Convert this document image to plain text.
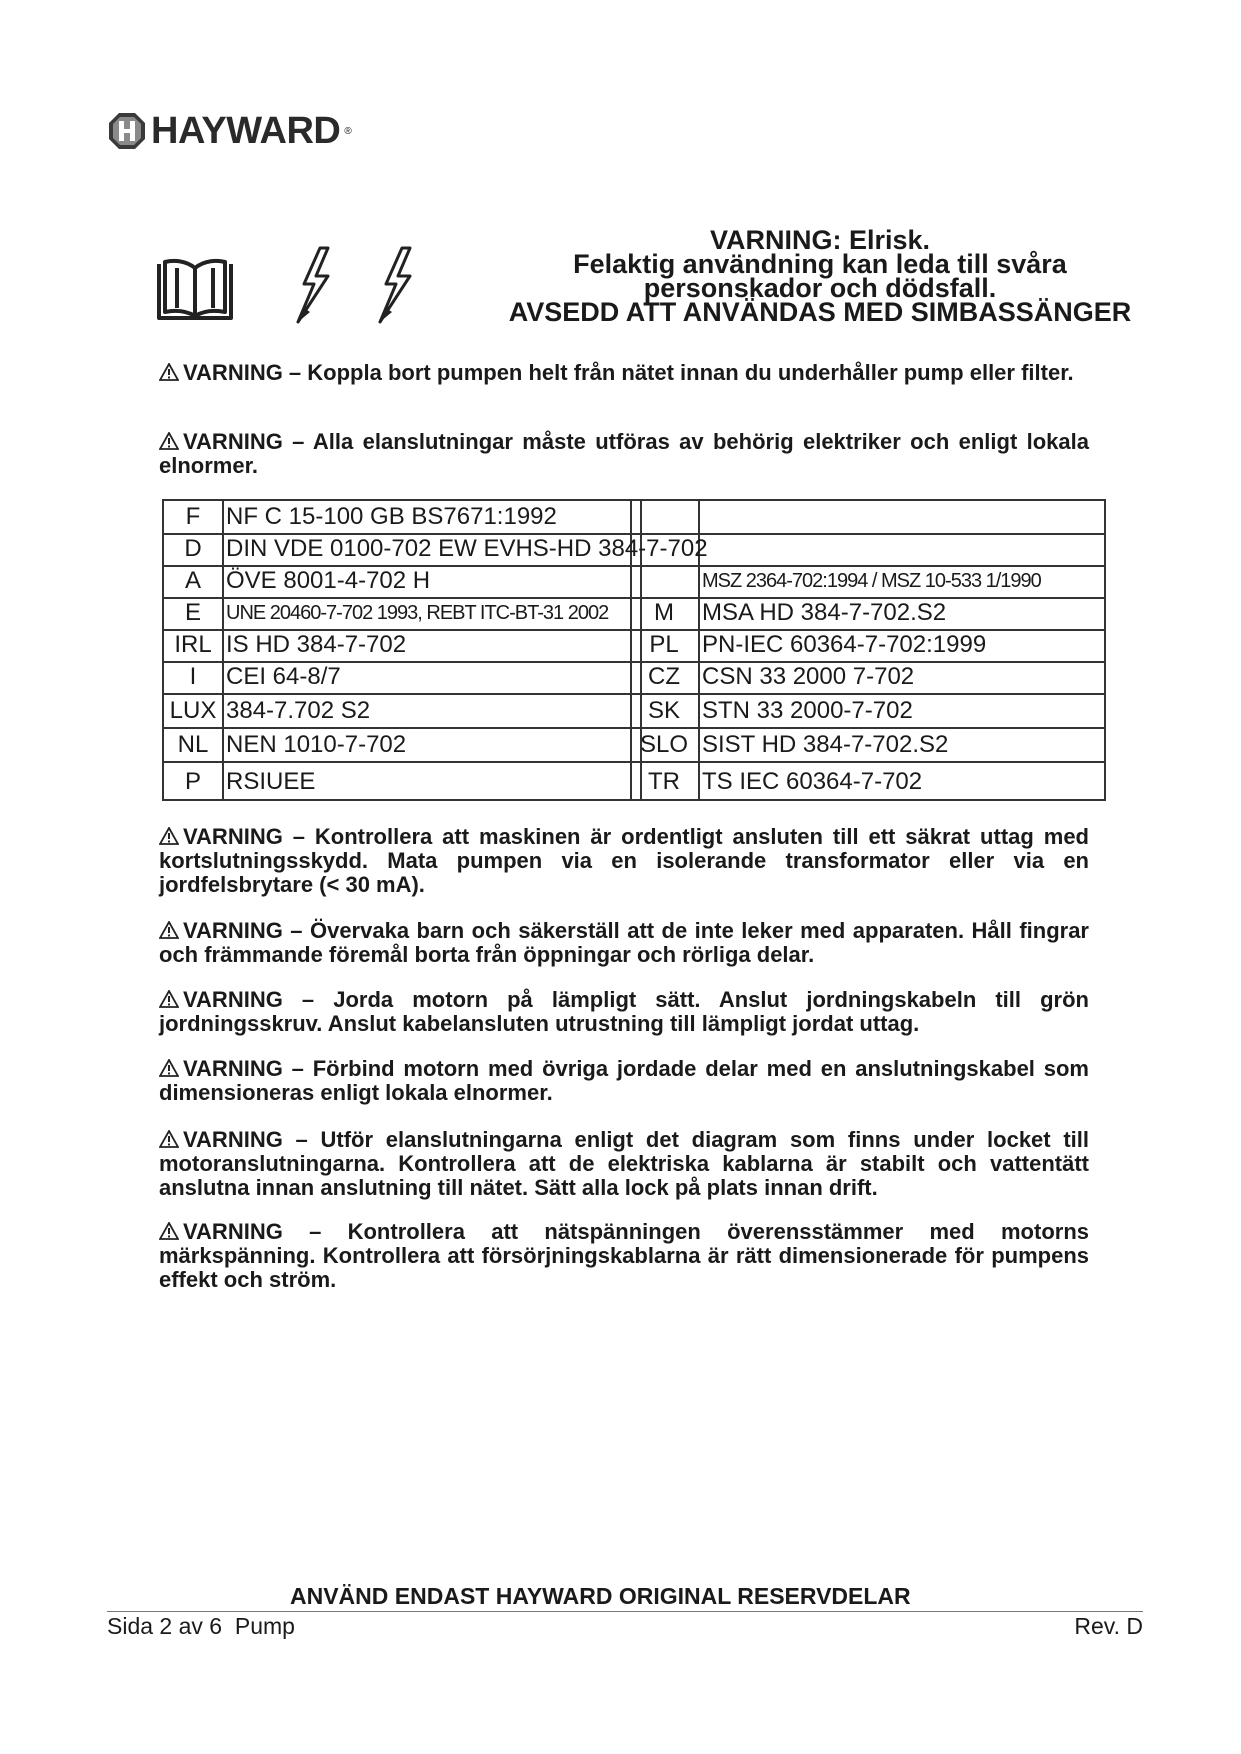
HAYWARD ®
VARNING: Elrisk.
Felaktig användning kan leda till svåra
personskador och dödsfall.
AVSEDD ATT ANVÄNDAS MED SIMBASSÄNGER
VARNING – Koppla bort pumpen helt från nätet innan du underhåller pump eller filter.
VARNING – Alla elanslutningar måste utföras av behörig elektriker och enligt lokala elnormer.
F	NF C 15-100 GB BS7671:1992
D	DIN VDE 0100-702 EW EVHS-HD 384-7-702
A	ÖVE 8001-4-702 H	MSZ 2364-702:1994 / MSZ 10-533 1/1990
E	UNE 20460-7-702 1993, REBT ITC-BT-31 2002	M	MSA HD 384-7-702.S2
IRL IS HD 384-7-702	PL PN-IEC 60364-7-702:1999
I	CEI 64-8/7	CZ CSN 33 2000 7-702
LUX 384-7.702 S2	SK STN 33 2000-7-702
NL NEN 1010-7-702	SLO SIST HD 384-7-702.S2
P	RSIUEE	TR TS IEC 60364-7-702
VARNING – Kontrollera att maskinen är ordentligt ansluten till ett säkrat uttag med kortslutningsskydd. Mata pumpen via en isolerande transformator eller via en jordfelsbrytare (< 30 mA).
VARNING – Övervaka barn och säkerställ att de inte leker med apparaten. Håll fingrar och främmande föremål borta från öppningar och rörliga delar.
VARNING – Jorda motorn på lämpligt sätt. Anslut jordningskabeln till grön jordningsskruv. Anslut kabelansluten utrustning till lämpligt jordat uttag.
VARNING – Förbind motorn med övriga jordade delar med en anslutningskabel som dimensioneras enligt lokala elnormer.
VARNING – Utför elanslutningarna enligt det diagram som finns under locket till motoranslutningarna. Kontrollera att de elektriska kablarna är stabilt och vattentätt anslutna innan anslutning till nätet. Sätt alla lock på plats innan drift.
VARNING – Kontrollera att nätspänningen överensstämmer med motorns märkspänning. Kontrollera att försörjningskablarna är rätt dimensionerade för pumpens effekt och ström.
ANVÄND ENDAST HAYWARD ORIGINAL RESERVDELAR
Sida 2 av 6  Pump	Rev. D
